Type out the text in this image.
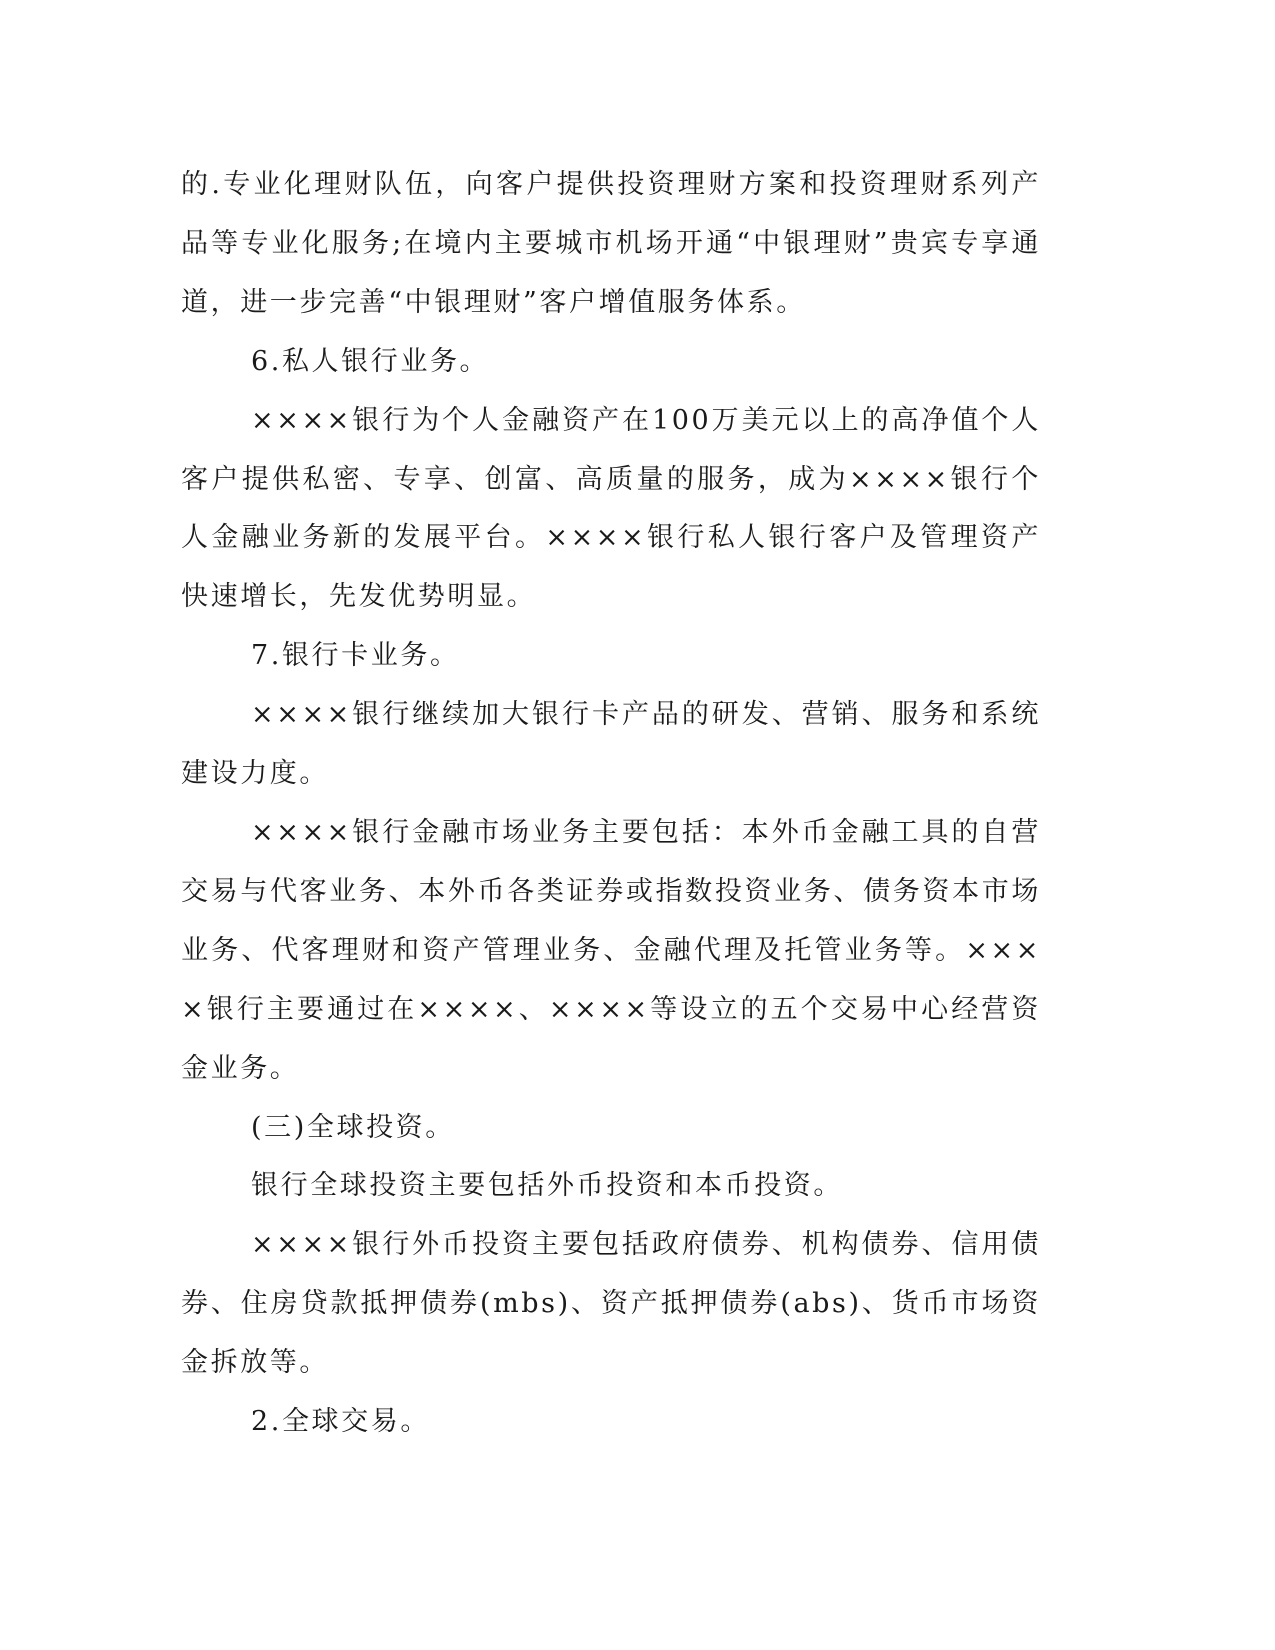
的.专业化理财队伍，向客户提供投资理财方案和投资理财系列产品等专业化服务;在境内主要城市机场开通“中银理财”贵宾专享通道，进一步完善“中银理财”客户增值服务体系。

6.私人银行业务。

××××银行为个人金融资产在100万美元以上的高净值个人客户提供私密、专享、创富、高质量的服务，成为××××银行个人金融业务新的发展平台。××××银行私人银行客户及管理资产快速增长，先发优势明显。

7.银行卡业务。

××××银行继续加大银行卡产品的研发、营销、服务和系统建设力度。

××××银行金融市场业务主要包括：本外币金融工具的自营交易与代客业务、本外币各类证券或指数投资业务、债务资本市场业务、代客理财和资产管理业务、金融代理及托管业务等。××××银行主要通过在××××、××××等设立的五个交易中心经营资金业务。

(三)全球投资。

银行全球投资主要包括外币投资和本币投资。

××××银行外币投资主要包括政府债券、机构债券、信用债券、住房贷款抵押债券(mbs)、资产抵押债券(abs)、货币市场资金拆放等。

2.全球交易。
